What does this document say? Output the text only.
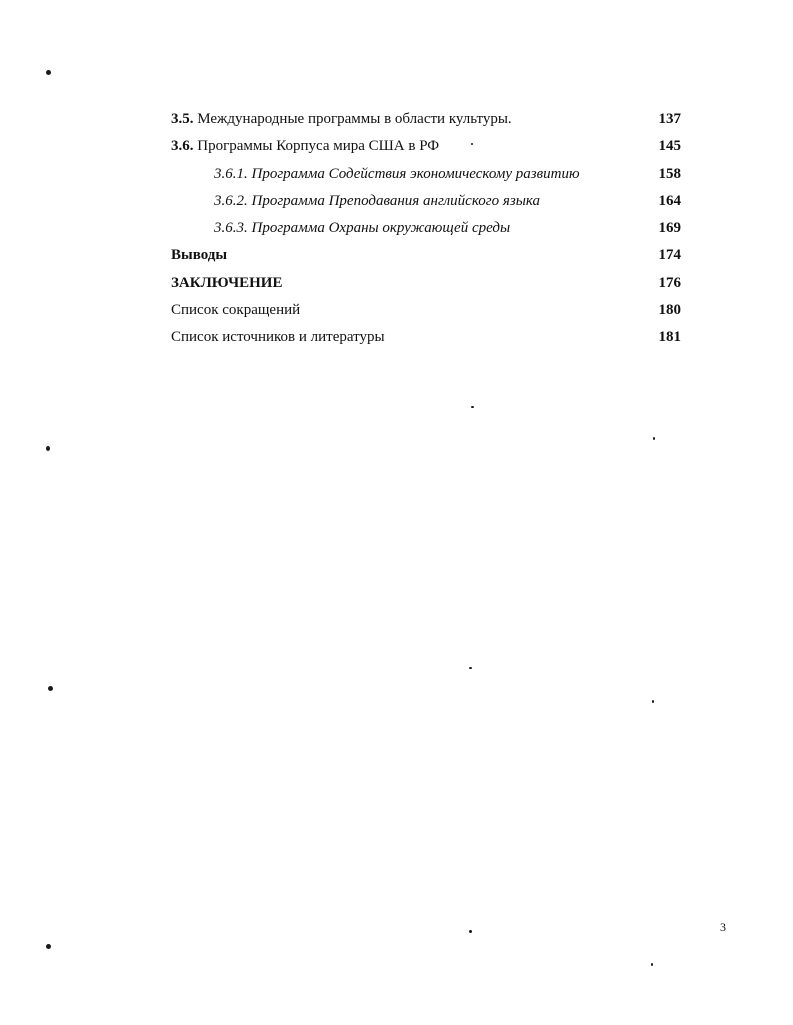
3.5. Международные программы в области культуры.	137
3.6. Программы Корпуса мира США в РФ	145
3.6.1. Программа Содействия экономическому развитию	158
3.6.2. Программа Преподавания английского языка	164
3.6.3. Программа Охраны окружающей среды	169
Выводы	174
ЗАКЛЮЧЕНИЕ	176
Список сокращений	180
Список источников и литературы	181
3
